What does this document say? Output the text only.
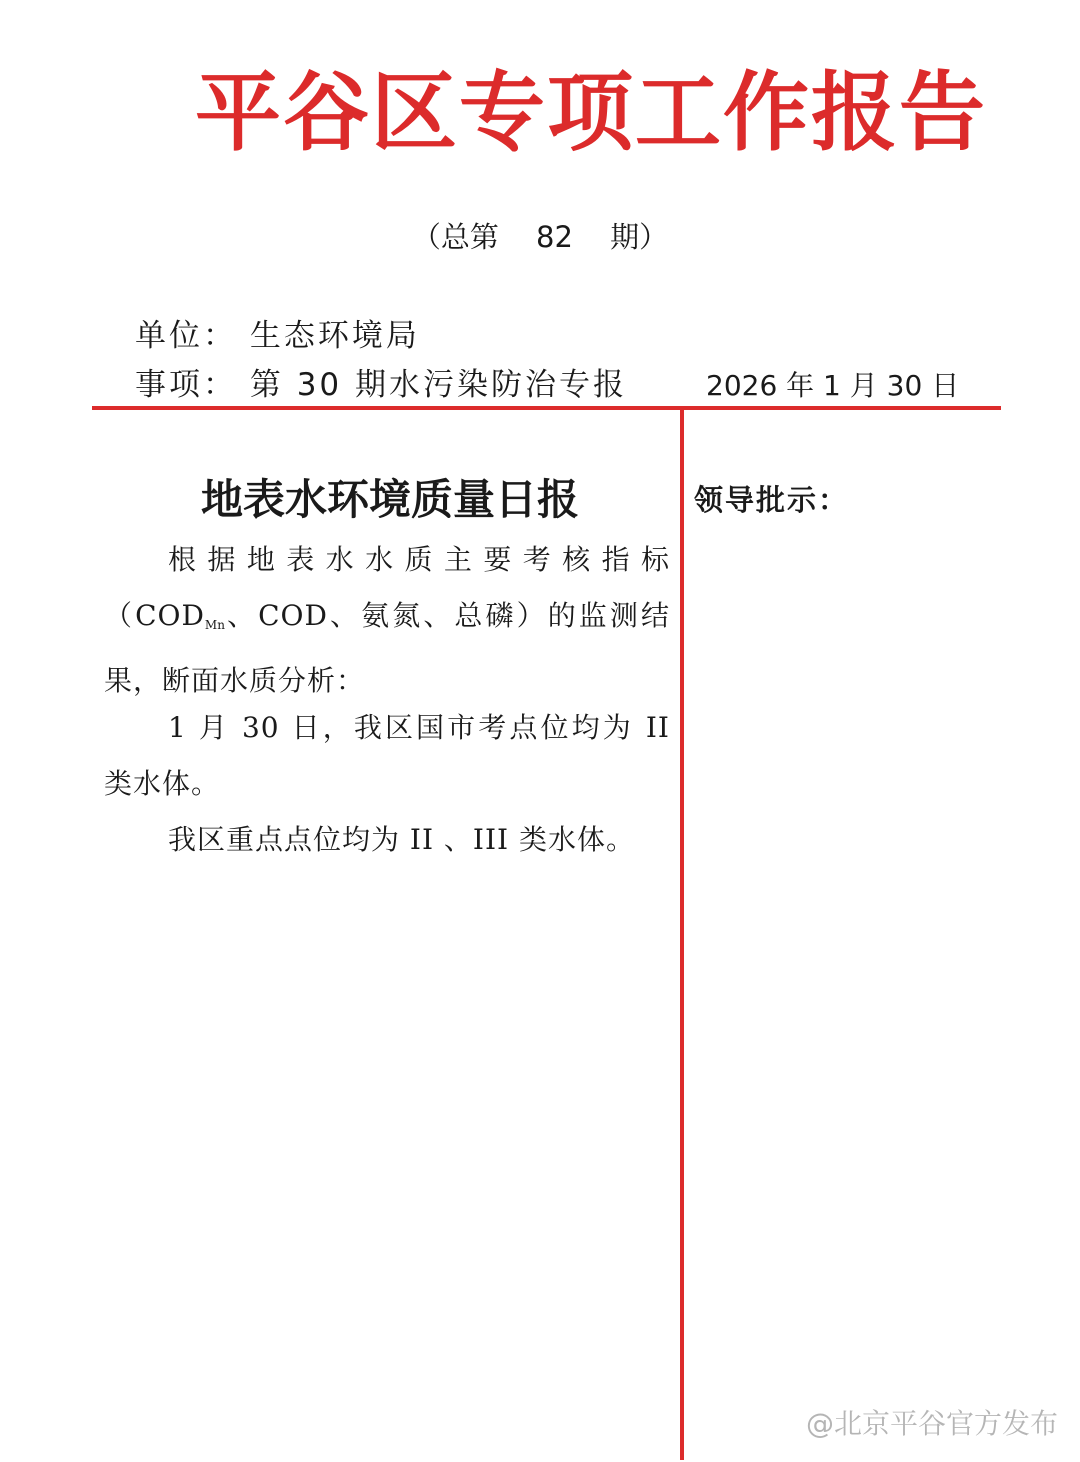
平谷区专项工作报告
（总第 82 期）
单位： 生态环境局
事项： 第 30 期水污染防治专报	2026 年 1 月 30 日
地表水环境质量日报

根据地表水水质主要考核指标（$COD_{Mn}$、COD、氨氮、总磷）的监测结果，断面水质分析：

1 月 30 日，我区国市考点位均为 II 类水体。

我区重点点位均为 II 、III 类水体。

领导批示：
@北京平谷官方发布
